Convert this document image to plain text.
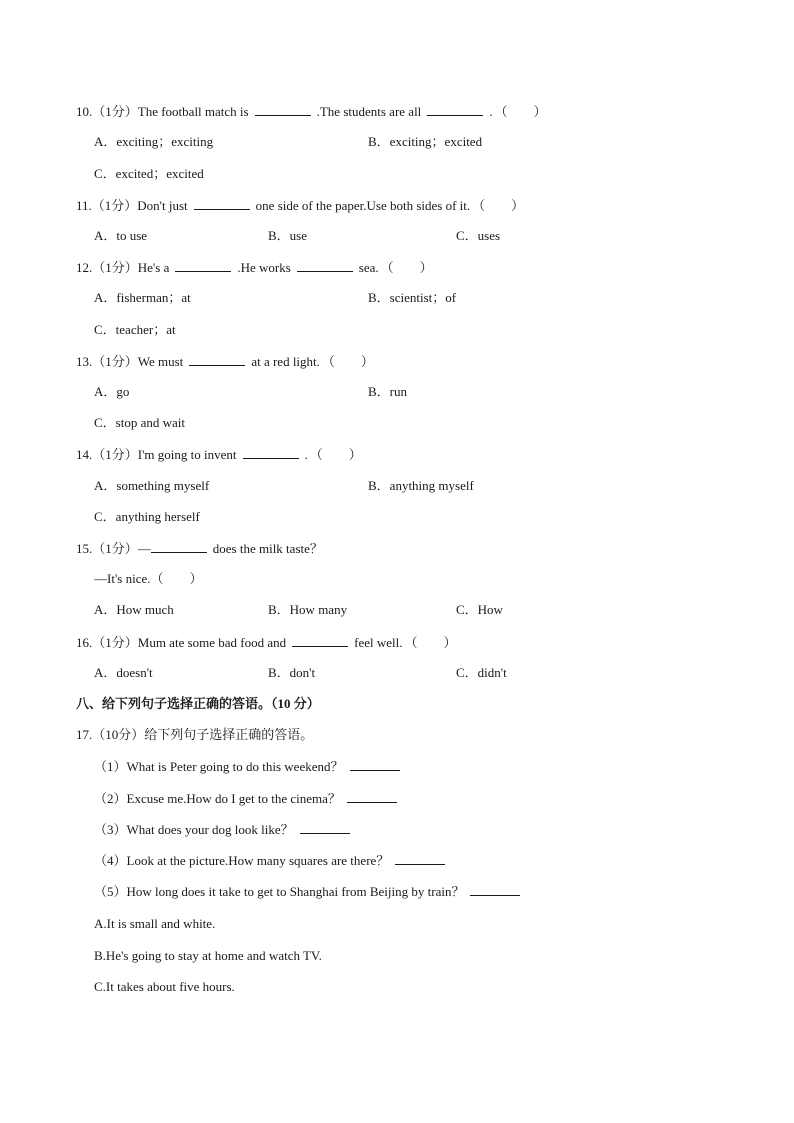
10.（1分）The football match is	.The students are all	. （　　）
A．exciting；exciting	B．exciting；excited
C．excited；excited
11.（1分）Don't just	one side of the paper.Use both sides of it. （　　）
A．to use	B．use	C．uses
12.（1分）He's a	.He works	sea. （　　）
A．fisherman；at	B．scientist；of
C．teacher；at
13.（1分）We must	at a red light. （　　）
A．go	B．run
C．stop and wait
14.（1分）I'm going to invent	. （　　）
A．something myself	B．anything myself
C．anything herself
15.（1分）—	does the milk taste？
—It's nice.（　　）
A．How much	B．How many	C．How
16.（1分）Mum ate some bad food and	feel well. （　　）
A．doesn't	B．don't	C．didn't
八、给下列句子选择正确的答语。（10 分）
17.（10分）给下列句子选择正确的答语。
（1）What is Peter going to do this weekend？
（2）Excuse me.How do I get to the cinema？
（3）What does your dog look like？
（4）Look at the picture.How many squares are there？
（5）How long does it take to get to Shanghai from Beijing by train？
A.It is small and white.
B.He's going to stay at home and watch TV.
C.It takes about five hours.
